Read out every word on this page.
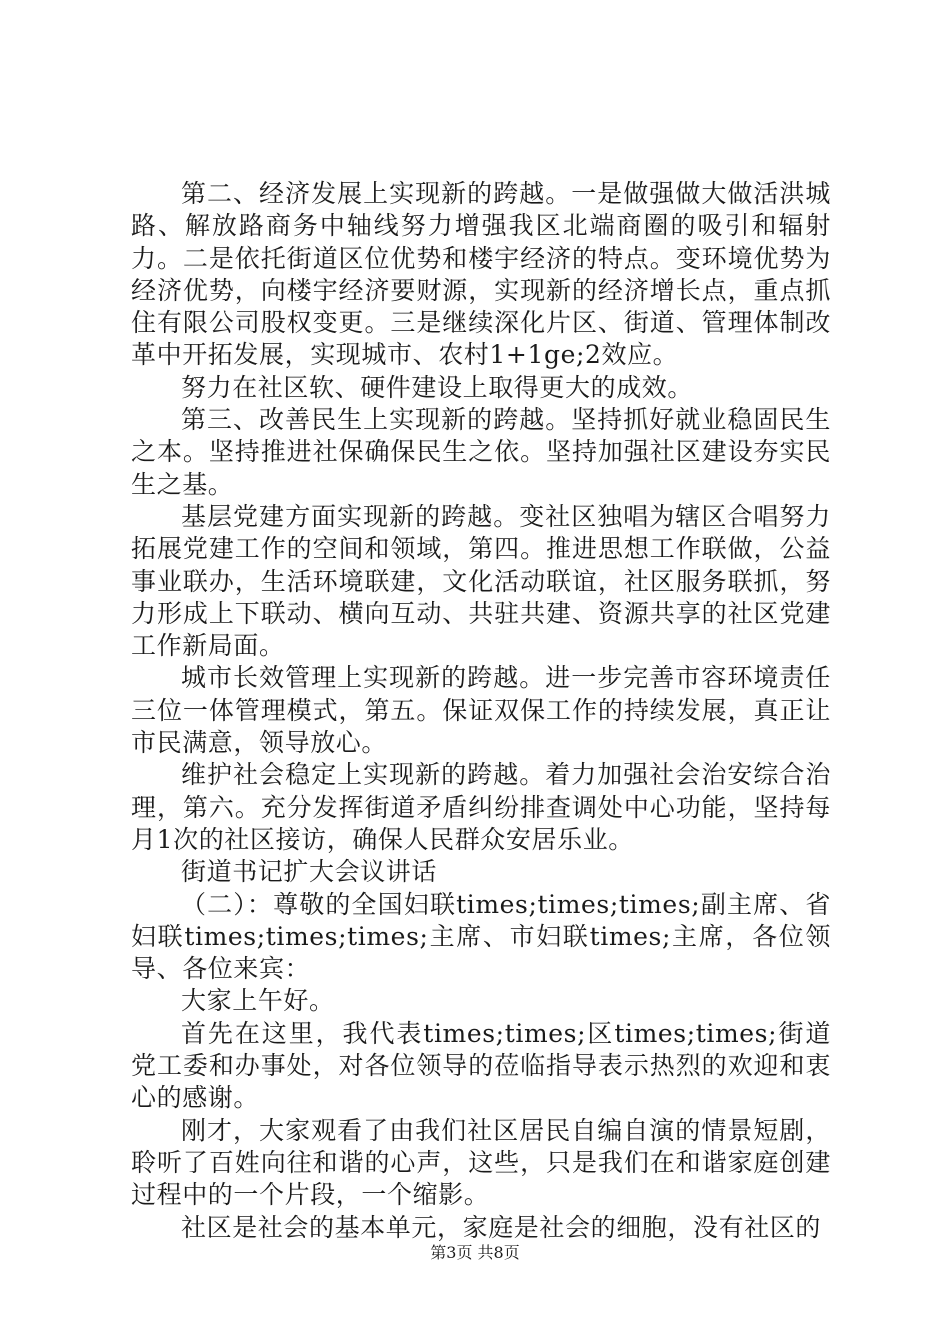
第二、经济发展上实现新的跨越。一是做强做大做活洪城路、解放路商务中轴线努力增强我区北端商圈的吸引和辐射力。二是依托街道区位优势和楼宇经济的特点。变环境优势为经济优势，向楼宇经济要财源，实现新的经济增长点，重点抓住有限公司股权变更。三是继续深化片区、街道、管理体制改革中开拓发展，实现城市、农村1+1ge;2效应。

努力在社区软、硬件建设上取得更大的成效。

第三、改善民生上实现新的跨越。坚持抓好就业稳固民生之本。坚持推进社保确保民生之依。坚持加强社区建设夯实民生之基。

基层党建方面实现新的跨越。变社区独唱为辖区合唱努力拓展党建工作的空间和领域，第四。推进思想工作联做，公益事业联办，生活环境联建，文化活动联谊，社区服务联抓，努力形成上下联动、横向互动、共驻共建、资源共享的社区党建工作新局面。

城市长效管理上实现新的跨越。进一步完善市容环境责任三位一体管理模式，第五。保证双保工作的持续发展，真正让市民满意，领导放心。

维护社会稳定上实现新的跨越。着力加强社会治安综合治理，第六。充分发挥街道矛盾纠纷排查调处中心功能，坚持每月1次的社区接访，确保人民群众安居乐业。

街道书记扩大会议讲话

（二）：尊敬的全国妇联times;times;times;副主席、省妇联times;times;times;主席、市妇联times;主席，各位领导、各位来宾：

大家上午好。

首先在这里，我代表times;times;区times;times;街道党工委和办事处，对各位领导的莅临指导表示热烈的欢迎和衷心的感谢。

刚才，大家观看了由我们社区居民自编自演的情景短剧，聆听了百姓向往和谐的心声，这些，只是我们在和谐家庭创建过程中的一个片段，一个缩影。

社区是社会的基本单元，家庭是社会的细胞，没有社区的

第3页 共8页
